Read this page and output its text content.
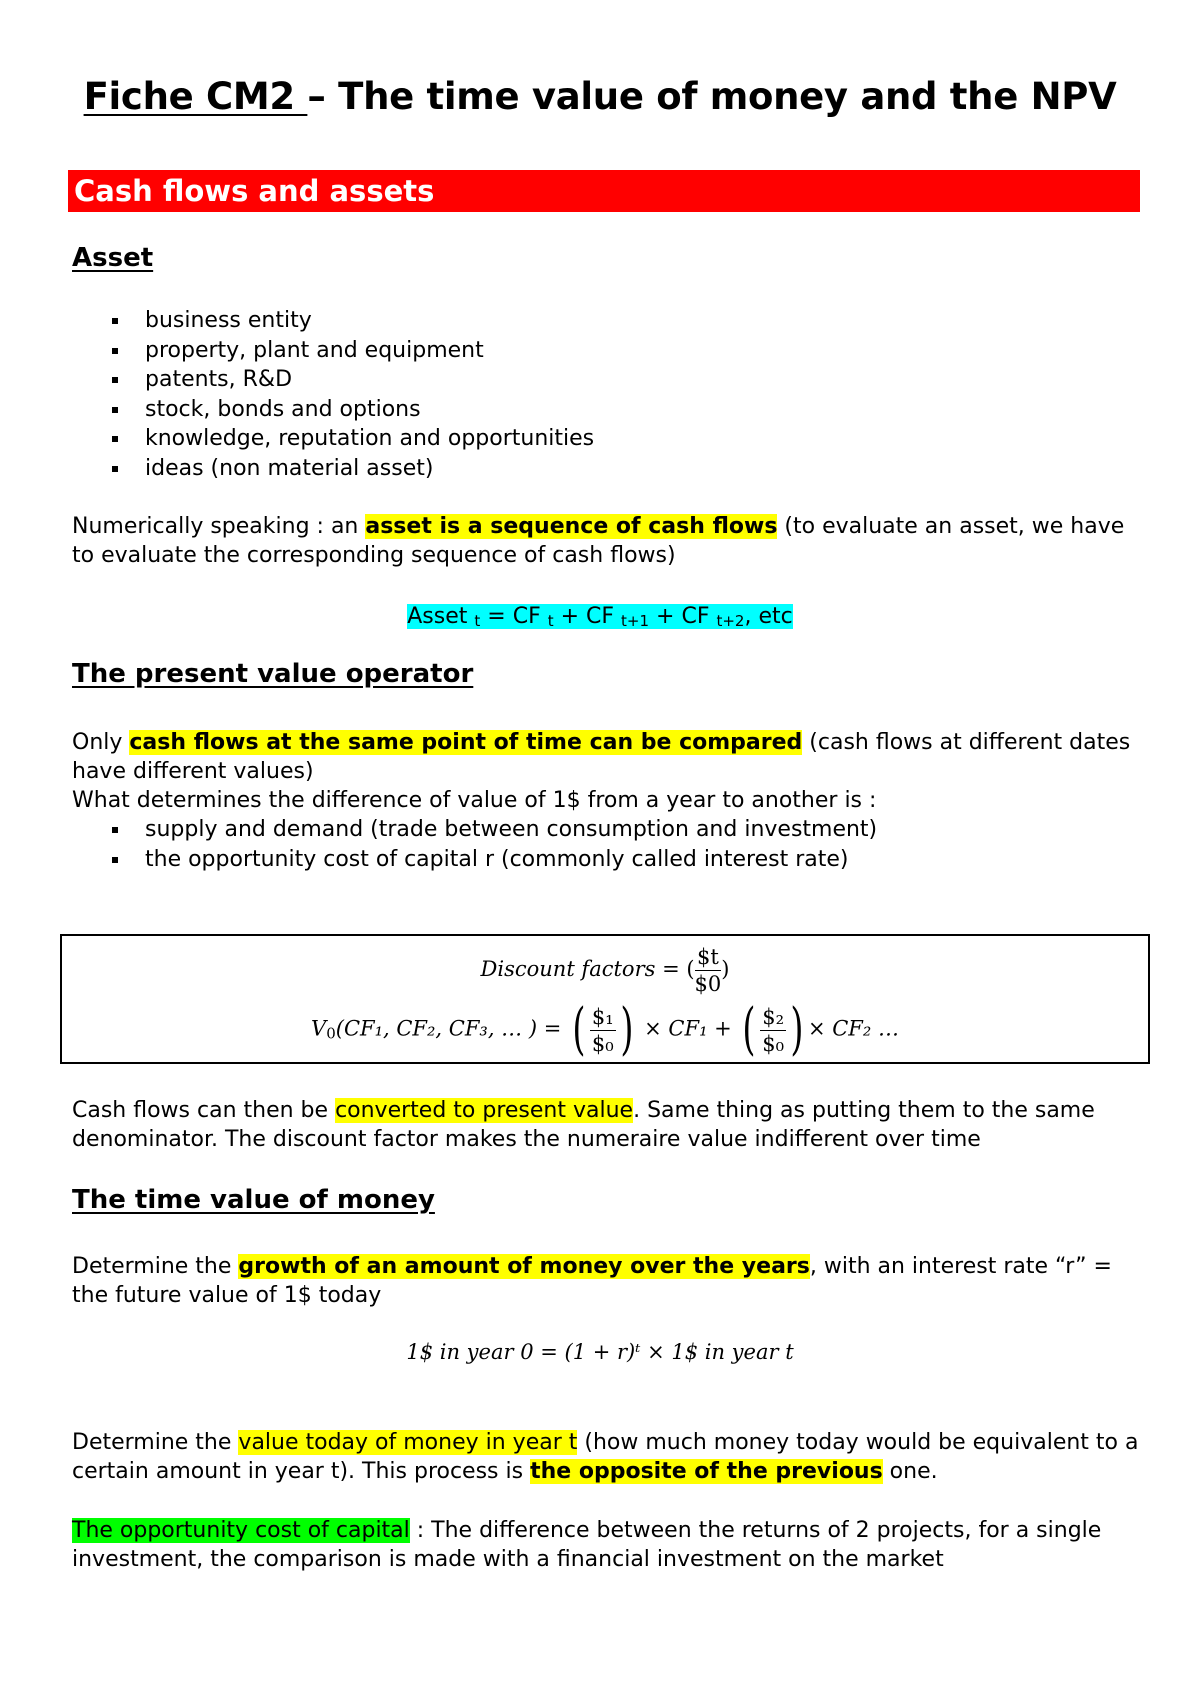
Fiche CM2 – The time value of money and the NPV
Cash flows and assets
Asset
business entity
property, plant and equipment
patents, R&D
stock, bonds and options
knowledge, reputation and opportunities
ideas (non material asset)

Numerically speaking : an asset is a sequence of cash flows (to evaluate an asset, we have to evaluate the corresponding sequence of cash flows)

Asset $_t$ = CF $_t$ + CF $_{t+1}$ + CF $_{t+2}$, etc
The present value operator

Only cash flows at the same point of time can be compared (cash flows at different dates have different values)

What determines the difference of value of 1$ from a year to another is :

supply and demand (trade between consumption and investment)
the opportunity cost of capital r (commonly called interest rate)
Discount factors = ( $\frac{\$t}{\$0}$ )
$V_0(CF_1$, CF₂, CF₃, … ) = ( $\frac{\text{\$₁}}{\text{\$₀}}$ ) × CF₁ + ( $\frac{\text{\$₂}}{\text{\$₀}}$ ) × CF₂ …

Cash flows can then be converted to present value. Same thing as putting them to the same denominator. The discount factor makes the numeraire value indifferent over time

The time value of money

Determine the growth of an amount of money over the years, with an interest rate “r” = the future value of 1$ today

1$ in year 0 = (1 + r)ᵗ × 1$ in year t

Determine the value today of money in year t (how much money today would be equivalent to a certain amount in year t). This process is the opposite of the previous one.

The opportunity cost of capital : The difference between the returns of 2 projects, for a single investment, the comparison is made with a financial investment on the market
